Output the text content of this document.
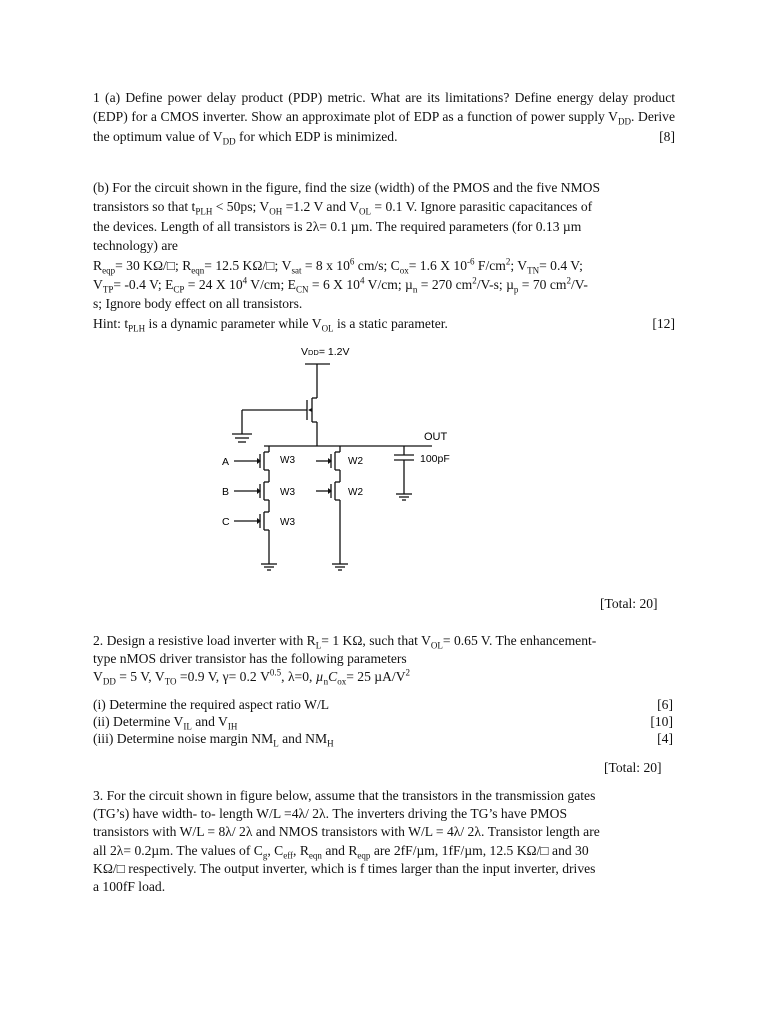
1 (a) Define power delay product (PDP) metric. What are its limitations? Define energy delay product (EDP) for a CMOS inverter. Show an approximate plot of EDP as a function of power supply $V_{DD}$. Derive the optimum value of $V_{DD}$ for which EDP is minimized.	[8]

(b) For the circuit shown in the figure, find the size (width) of the PMOS and the five NMOS
transistors so that $t_{PLH} < 50ps$; $V_{OH} =1.2$ V and $V_{OL} = 0.1$ V. Ignore parasitic capacitances of
the devices. Length of all transistors is 2λ= 0.1 µm. The required parameters (for 0.13 µm
technology) are
$R_{eqp}= 30$ KΩ/□; $R_{eqn}= 12.5$ KΩ/□; $V_{sat} = 8$ x $10^6$ cm/s; $C_{ox}= 1.6$ X $10^{-6}$ $F/cm^2$; $V_{TN}= 0.4$ V;
$V_{TP}= -0.4$ V; $E_{CP} = 24$ X $10^4$ V/cm; $E_{CN} = 6$ X $10^4$ V/cm; µ$_n$ = 270 $cm^2/V-s$; µ$_p$ = 70 $cm^2/V-$
s; Ignore body effect on all transistors.
Hint: $t_{PLH}$ is a dynamic parameter while $V_{OL}$ is a static parameter.	[12]
VDD= 1.2V
OUT
100pF
A
B
C
W3
W3
W3
W2
W2
[Total: 20]
2. Design a resistive load inverter with $R_L= 1$ KΩ, such that $V_{OL}= 0.65$ V. The enhancement-
type nMOS driver transistor has the following parameters
$V_{DD} = 5$ V, $V_{TO} =0.9$ V, γ= 0.2 $V^{0.5}$, λ=0, $\mu_nC_{ox}= 25$ $\mu A/V^2$
(i) Determine the required aspect ratio W/L	[6]
(ii) Determine $V_{IL}$ and $V_{IH}$	[10]
(iii) Determine noise margin $NM_L$ and $NM_H$	[4]
[Total: 20]
3. For the circuit shown in figure below, assume that the transistors in the transmission gates
(TG’s) have width- to- length W/L =4λ/ 2λ. The inverters driving the TG’s have PMOS
transistors with W/L = 8λ/ 2λ and NMOS transistors with W/L = 4λ/ 2λ. Transistor length are
all 2λ= 0.2µm. The values of $C_g$, $C_{eff}$, $R_{eqn}$ and $R_{eqp}$ are 2fF/µm, 1fF/µm, 12.5 KΩ/□ and 30
KΩ/□ respectively. The output inverter, which is f times larger than the input inverter, drives
a 100fF load.
